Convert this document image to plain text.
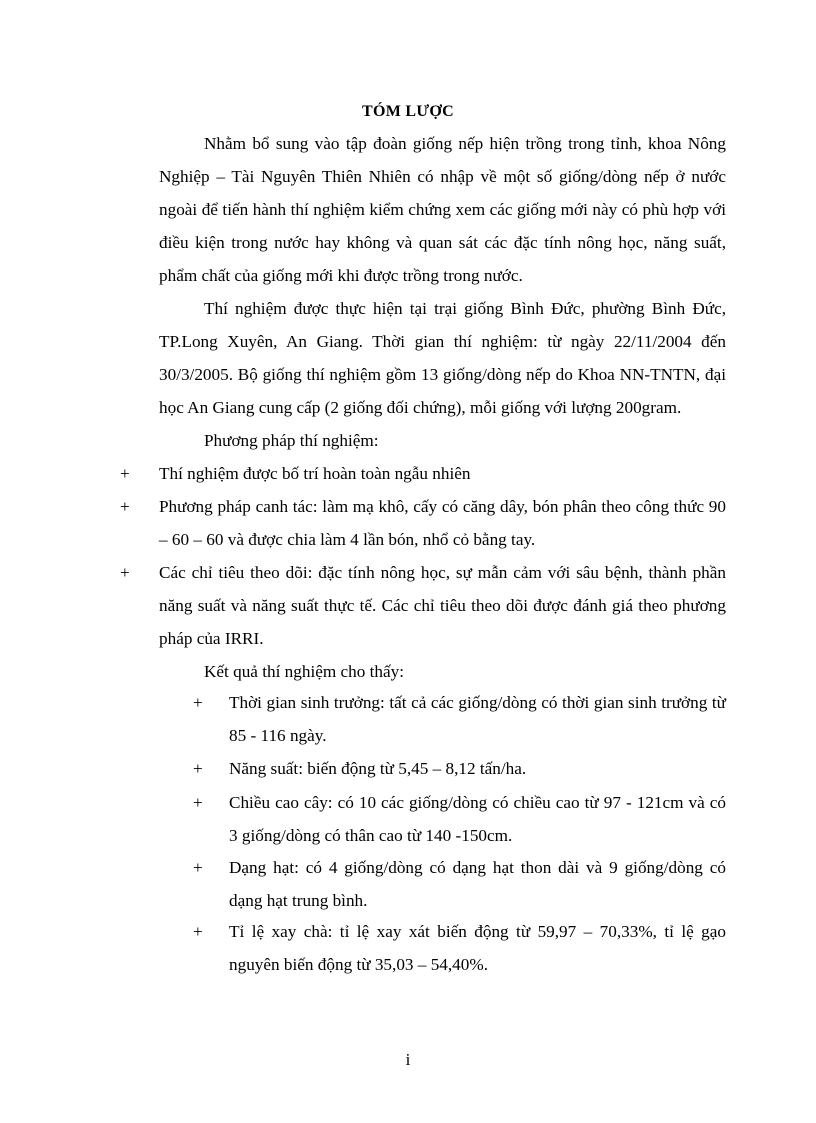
TÓM LƯỢC

Nhằm bổ sung vào tập đoàn giống nếp hiện trồng trong tỉnh, khoa Nông Nghiệp – Tài Nguyên Thiên Nhiên có nhập về một số giống/dòng nếp ở nước ngoài để tiến hành thí nghiệm kiểm chứng xem các giống mới này có phù hợp với điều kiện trong nước hay không và quan sát các đặc tính nông học, năng suất, phẩm chất của giống mới khi được trồng trong nước.

Thí nghiệm được thực hiện tại trại giống Bình Đức, phường Bình Đức, TP.Long Xuyên, An Giang. Thời gian thí nghiệm: từ ngày 22/11/2004 đến 30/3/2005. Bộ giống thí nghiệm gồm 13 giống/dòng nếp do Khoa NN-TNTN, đại học An Giang cung cấp (2 giống đối chứng), mỗi giống với lượng 200gram.

Phương pháp thí nghiệm:
+ Thí nghiệm được bố trí hoàn toàn ngẫu nhiên
+ Phương pháp canh tác: làm mạ khô, cấy có căng dây, bón phân theo công thức 90 – 60 – 60 và được chia làm 4 lần bón, nhổ cỏ bằng tay.
+ Các chỉ tiêu theo dõi: đặc tính nông học, sự mẫn cảm với sâu bệnh, thành phần năng suất và năng suất thực tế. Các chỉ tiêu theo dõi được đánh giá theo phương pháp của IRRI.
Kết quả thí nghiệm cho thấy:
+ Thời gian sinh trưởng: tất cả các giống/dòng có thời gian sinh trưởng từ 85 - 116 ngày.
+ Năng suất: biến động từ 5,45 – 8,12 tấn/ha.
+ Chiều cao cây: có 10 các giống/dòng có chiều cao từ 97 - 121cm và có 3 giống/dòng có thân cao từ 140 -150cm.
+ Dạng hạt: có 4 giống/dòng có dạng hạt thon dài và 9 giống/dòng có dạng hạt trung bình.
+ Tỉ lệ xay chà: tỉ lệ xay xát biến động từ 59,97 – 70,33%, tỉ lệ gạo nguyên biến động từ 35,03 – 54,40%.
i
